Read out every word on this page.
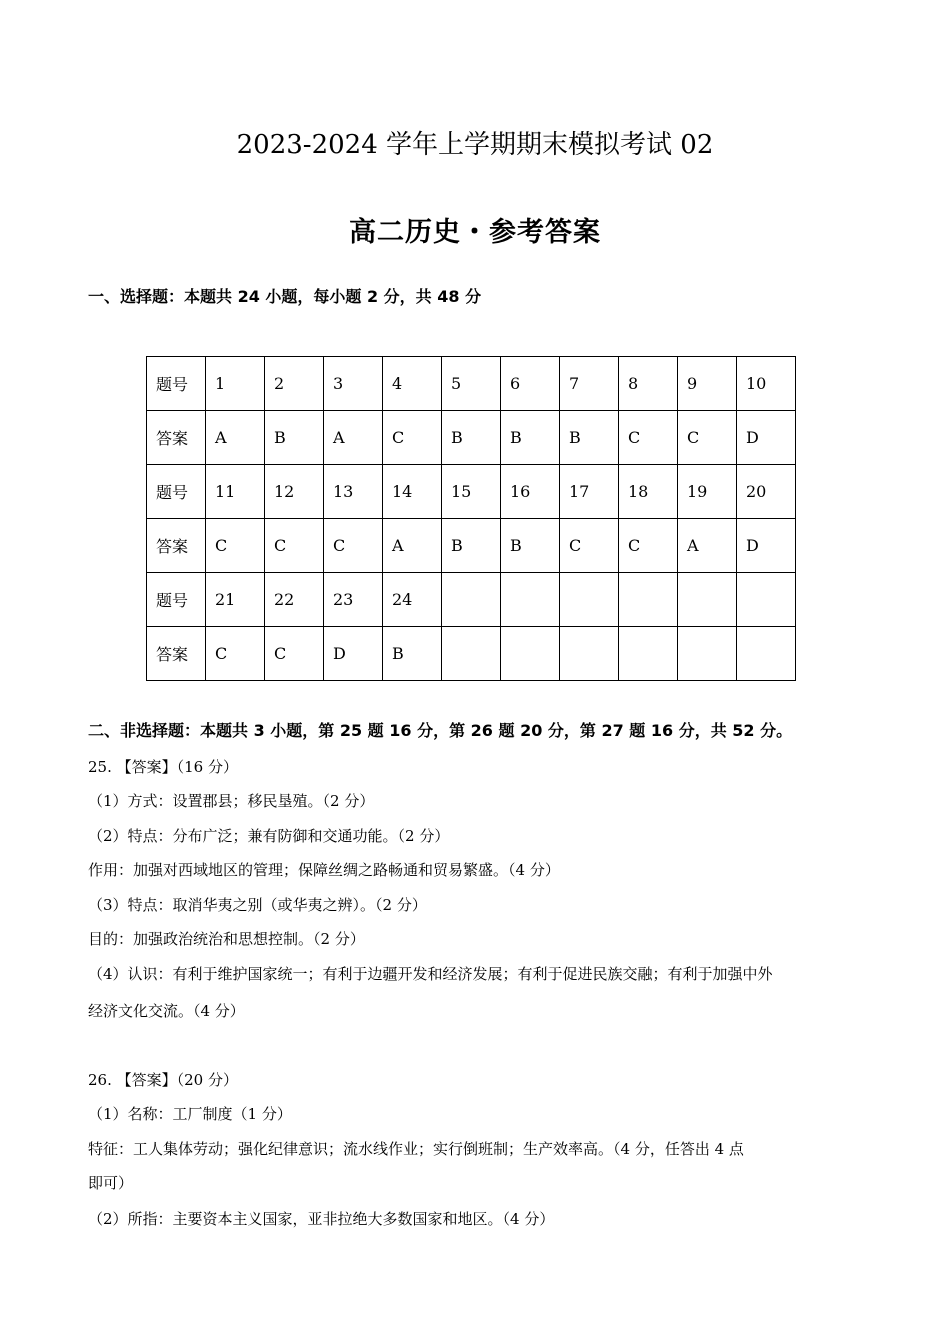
2023-2024 学年上学期期末模拟考试 02
高二历史・参考答案
一、选择题：本题共 24 小题，每小题 2 分，共 48 分
题号	1	2	3	4	5	6	7	8	9	10
答案	A	B	A	C	B	B	B	C	C	D
题号	11	12	13	14	15	16	17	18	19	20
答案	C	C	C	A	B	B	C	C	A	D
题号	21	22	23	24						
答案	C	C	D	B						
二、非选择题：本题共 3 小题，第 25 题 16 分，第 26 题 20 分，第 27 题 16 分，共 52 分。
25. 【答案】（16 分）
（1）方式：设置郡县；移民垦殖。（2 分）
（2）特点：分布广泛；兼有防御和交通功能。（2 分）
作用：加强对西域地区的管理；保障丝绸之路畅通和贸易繁盛。（4 分）
（3）特点：取消华夷之别（或华夷之辨）。（2 分）
目的：加强政治统治和思想控制。（2 分）
（4）认识：有利于维护国家统一；有利于边疆开发和经济发展；有利于促进民族交融；有利于加强中外
经济文化交流。（4 分）
26. 【答案】（20 分）
（1）名称：工厂制度（1 分）
特征：工人集体劳动；强化纪律意识；流水线作业；实行倒班制；生产效率高。（4 分，任答出 4 点
即可）
（2）所指：主要资本主义国家，亚非拉绝大多数国家和地区。（4 分）
